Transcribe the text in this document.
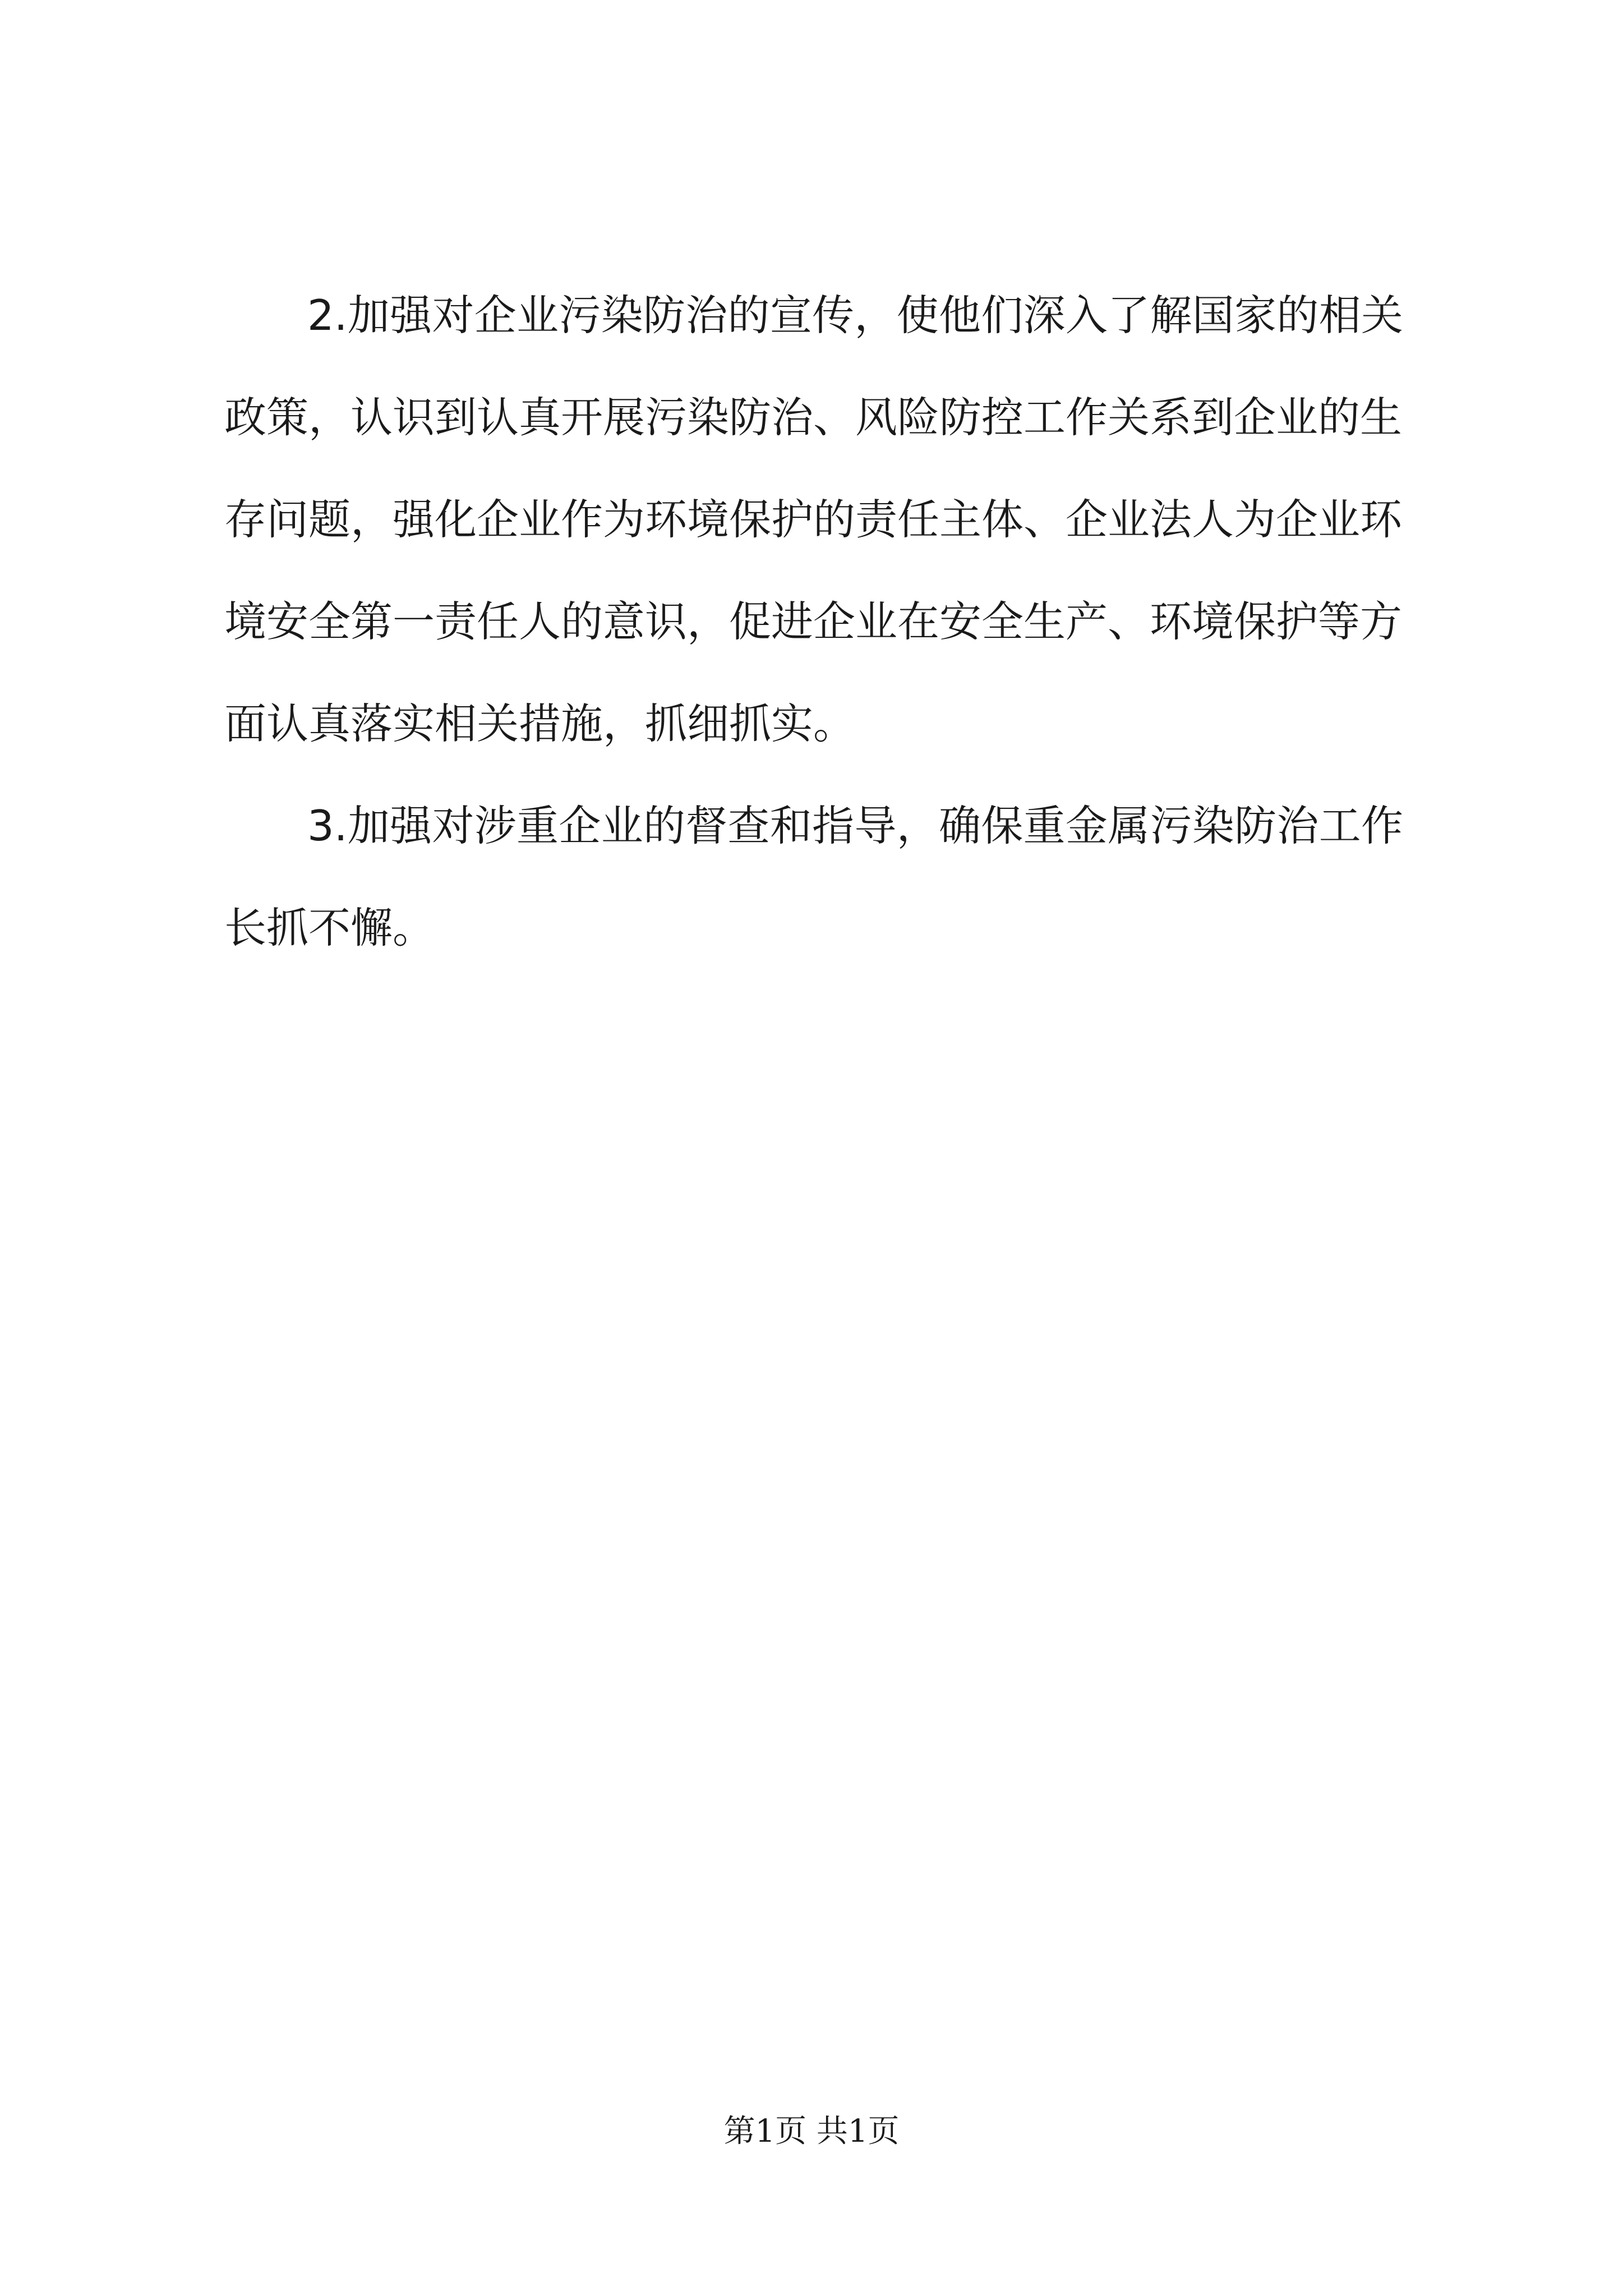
2.加强对企业污染防治的宣传，使他们深入了解国家的相关
政策，认识到认真开展污染防治、风险防控工作关系到企业的生
存问题，强化企业作为环境保护的责任主体、企业法人为企业环
境安全第一责任人的意识，促进企业在安全生产、环境保护等方
面认真落实相关措施，抓细抓实。
3.加强对涉重企业的督查和指导，确保重金属污染防治工作
长抓不懈。
第1页 共1页
